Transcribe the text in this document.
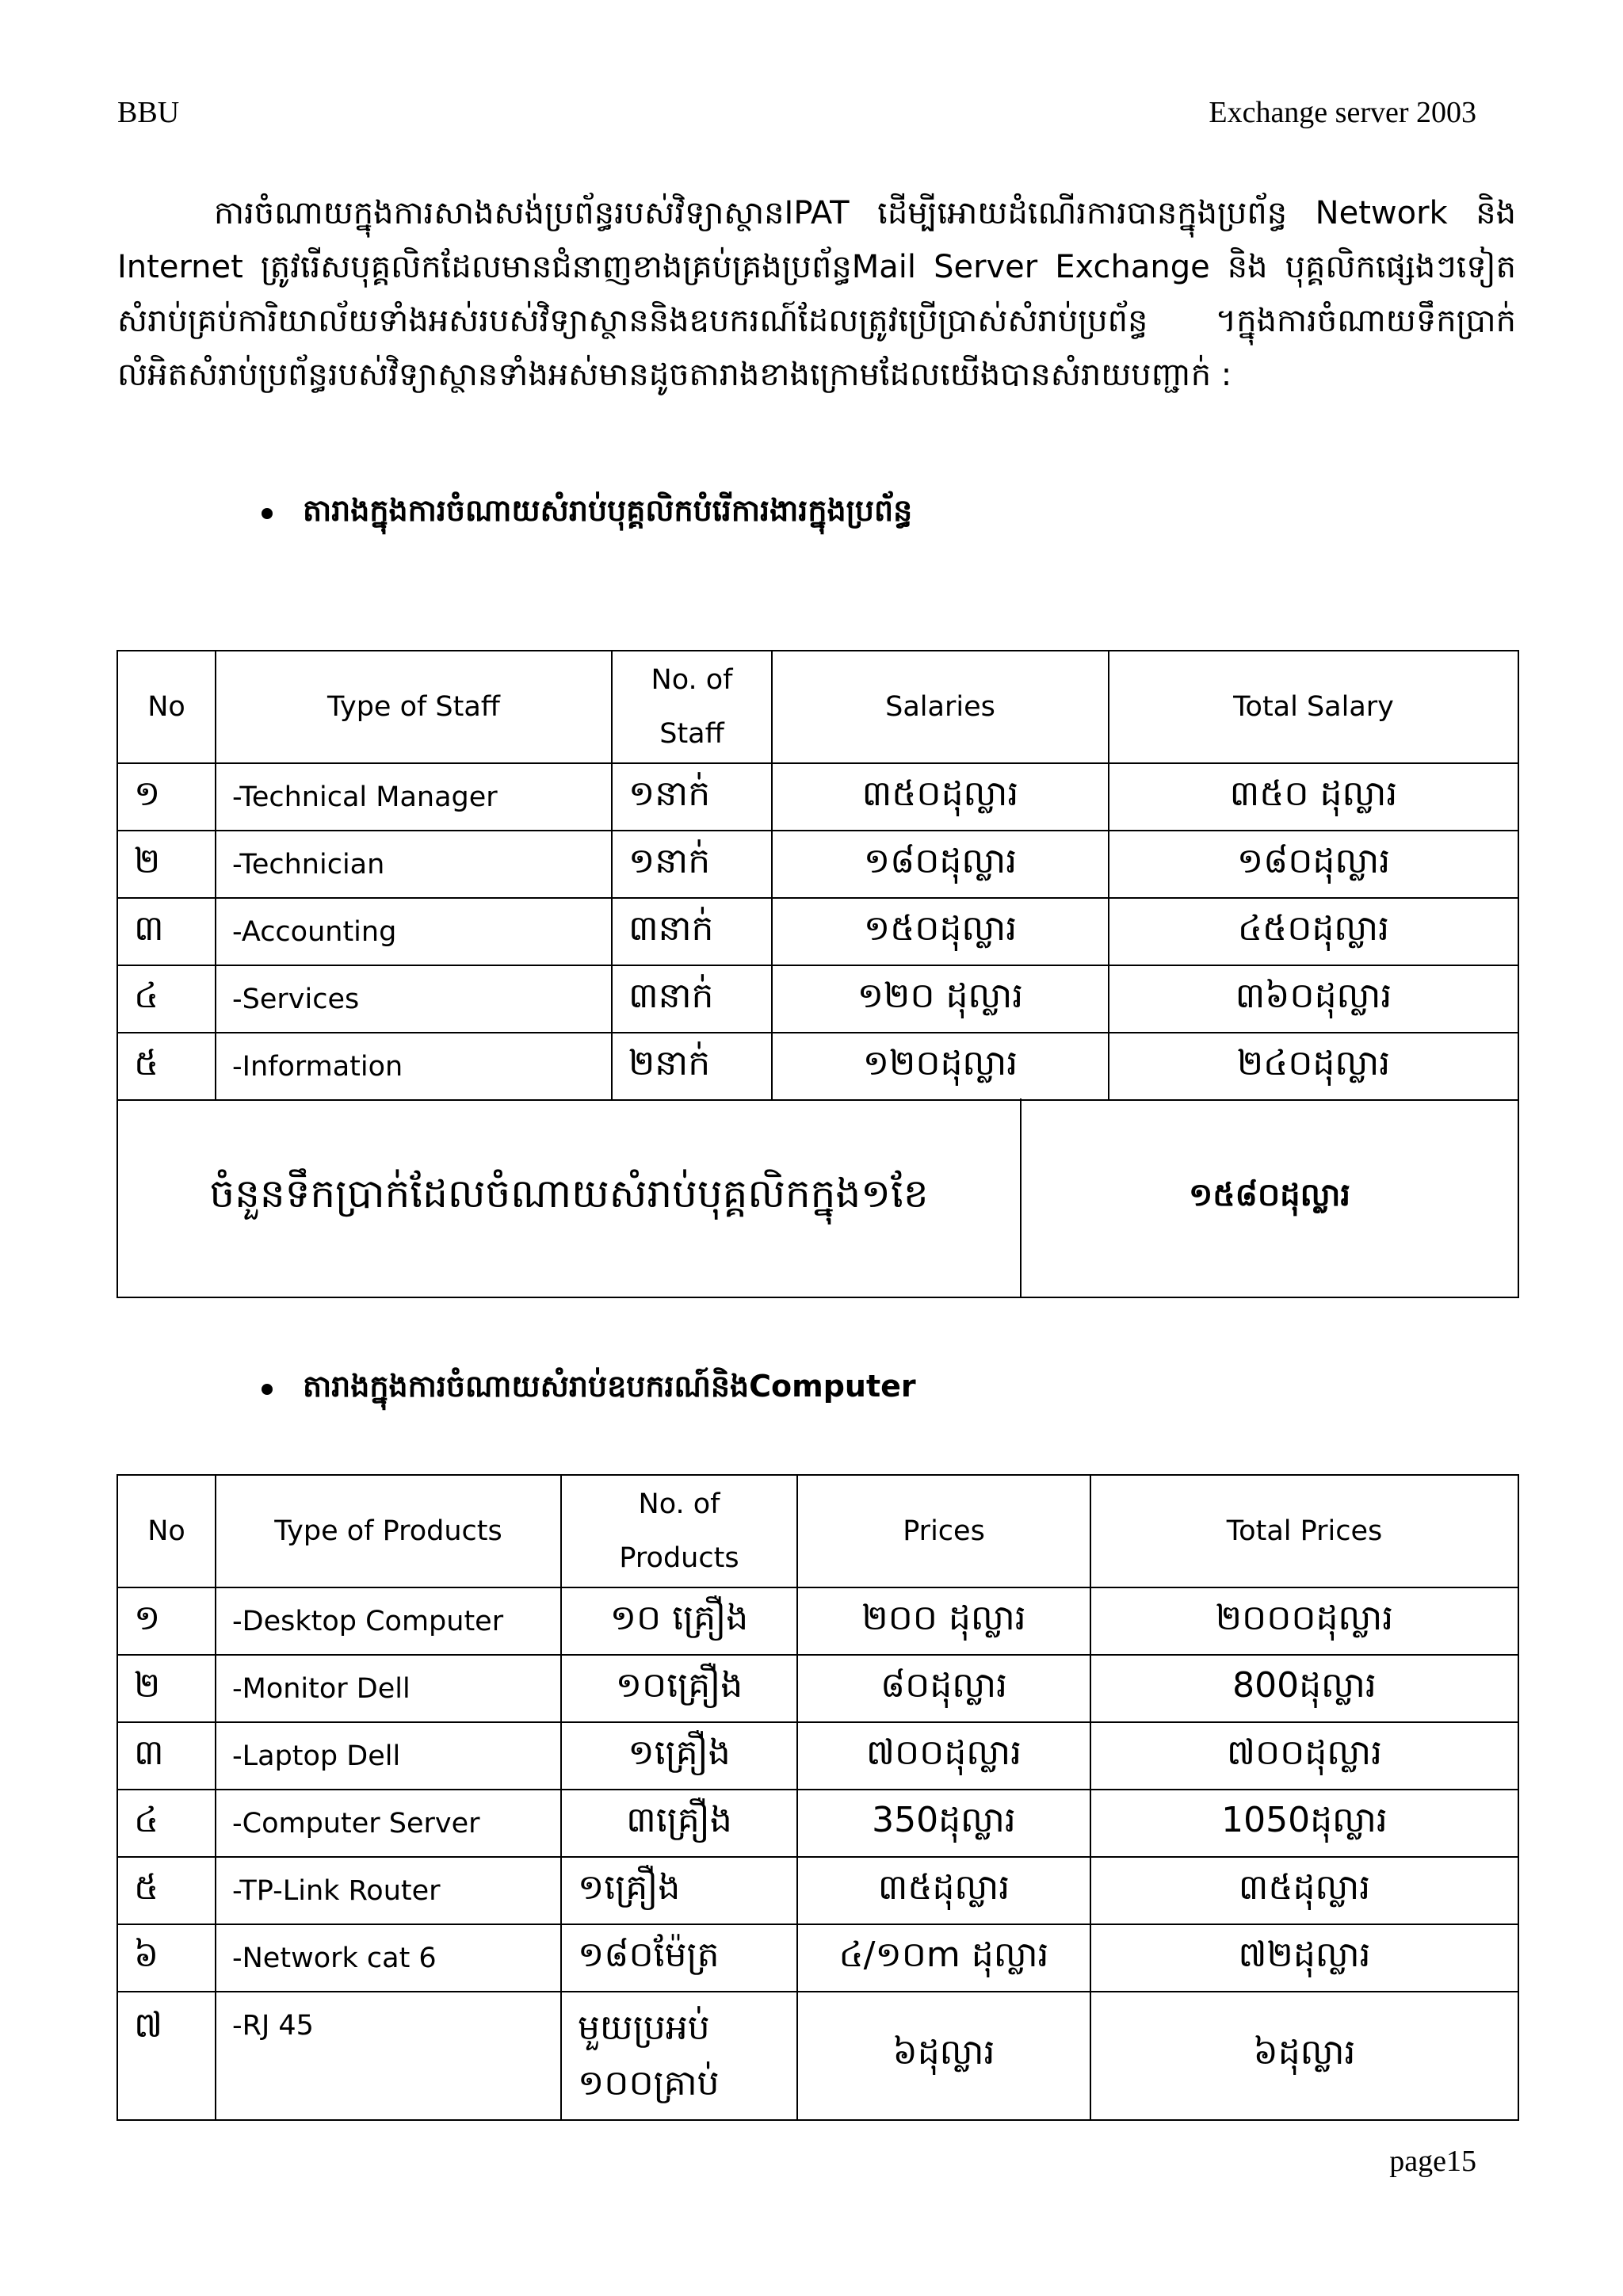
BBU	Exchange server 2003

ការចំណាយក្នុងការសាងសង់ប្រព័ន្ធរបស់វិទ្យាស្ថានIPAT ដើម្បីអោយដំណើរការបានក្នុងប្រព័ន្ធ Network និង Internet ត្រូវរើសបុគ្គលិកដែលមានជំនាញខាងគ្រប់គ្រងប្រព័ន្ធMail Server Exchange និង បុគ្គលិកផ្សេងៗទៀតសំរាប់គ្រប់ការិយាល័យទាំងអស់របស់វិទ្យាស្ថាននិងឧបករណ៍ដែលត្រូវប្រើប្រាស់សំរាប់ប្រព័ន្ធ ។ក្នុងការចំណាយទឹកប្រាក់លំអិតសំរាប់ប្រព័ន្ធរបស់វិទ្យាស្ថានទាំងអស់មានដូចតារាងខាងក្រោមដែលយើងបានសំរាយបញ្ជាក់ :

តារាងក្នុងការចំណាយសំរាប់បុគ្គលិកបំរើការងារក្នុងប្រព័ន្ធ
No	Type of Staff	No. of Staff	Salaries	Total Salary
១	-Technical Manager	១នាក់	៣៥០ដុល្លារ	៣៥០ ដុល្លារ
២	-Technician	១នាក់	១៨០ដុល្លារ	១៨០ដុល្លារ
៣	-Accounting	៣នាក់	១៥០ដុល្លារ	៤៥០ដុល្លារ
៤	-Services	៣នាក់	១២០ ដុល្លារ	៣៦០ដុល្លារ
៥	-Information	២នាក់	១២០ដុល្លារ	២៤០ដុល្លារ
ចំនួនទឹកប្រាក់ដែលចំណាយសំរាប់បុគ្គលិកក្នុង១ខែ	១៥៨០ដុល្លារ
តារាងក្នុងការចំណាយសំរាប់ឧបករណ៍និងComputer
No	Type of Products	No. of Products	Prices	Total Prices
១	-Desktop Computer	១០ គ្រឿង	២០០ ដុល្លារ	២០០០ដុល្លារ
២	-Monitor Dell	១០គ្រឿង	៨០ដុល្លារ	800ដុល្លារ
៣	-Laptop Dell	១គ្រឿង	៧០០ដុល្លារ	៧០០ដុល្លារ
៤	-Computer Server	៣គ្រឿង	350ដុល្លារ	1050ដុល្លារ
៥	-TP-Link Router	១គ្រឿង	៣៥ដុល្លារ	៣៥ដុល្លារ
៦	-Network cat 6	១៨០ម៉ែត្រ	៤/១០m ដុល្លារ	៧២ដុល្លារ
៧	-RJ 45	មួយប្រអប់ ១០០គ្រាប់	៦ដុល្លារ	៦ដុល្លារ
page15
